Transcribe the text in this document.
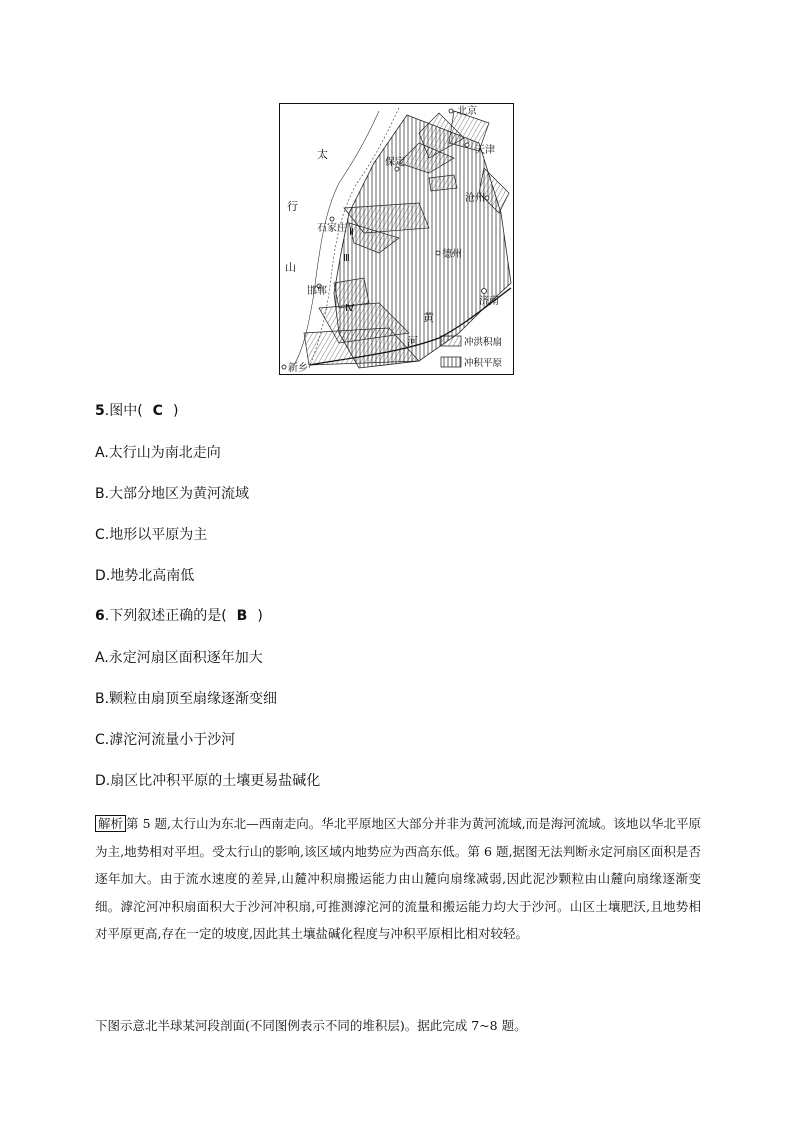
北京
天津
保定
沧州
石家庄
德州
邯郸
济南
新乡
太
行
山
黄
河
Ⅱ
Ⅲ
Ⅳ
冲洪积扇
冲积平原
5.图中( C )
A.太行山为南北走向
B.大部分地区为黄河流域
C.地形以平原为主
D.地势北高南低
6.下列叙述正确的是( B )
A.永定河扇区面积逐年加大
B.颗粒由扇顶至扇缘逐渐变细
C.滹沱河流量小于沙河
D.扇区比冲积平原的土壤更易盐碱化
解析 第 5 题,太行山为东北—西南走向。华北平原地区大部分并非为黄河流域,而是海河流域。该地以华北平原为主,地势相对平坦。受太行山的影响,该区域内地势应为西高东低。第 6 题,据图无法判断永定河扇区面积是否逐年加大。由于流水速度的差异,山麓冲积扇搬运能力由山麓向扇缘减弱,因此泥沙颗粒由山麓向扇缘逐渐变细。滹沱河冲积扇面积大于沙河冲积扇,可推测滹沱河的流量和搬运能力均大于沙河。山区土壤肥沃,且地势相对平原更高,存在一定的坡度,因此其土壤盐碱化程度与冲积平原相比相对较轻。
下图示意北半球某河段剖面(不同图例表示不同的堆积层)。据此完成 7~8 题。
